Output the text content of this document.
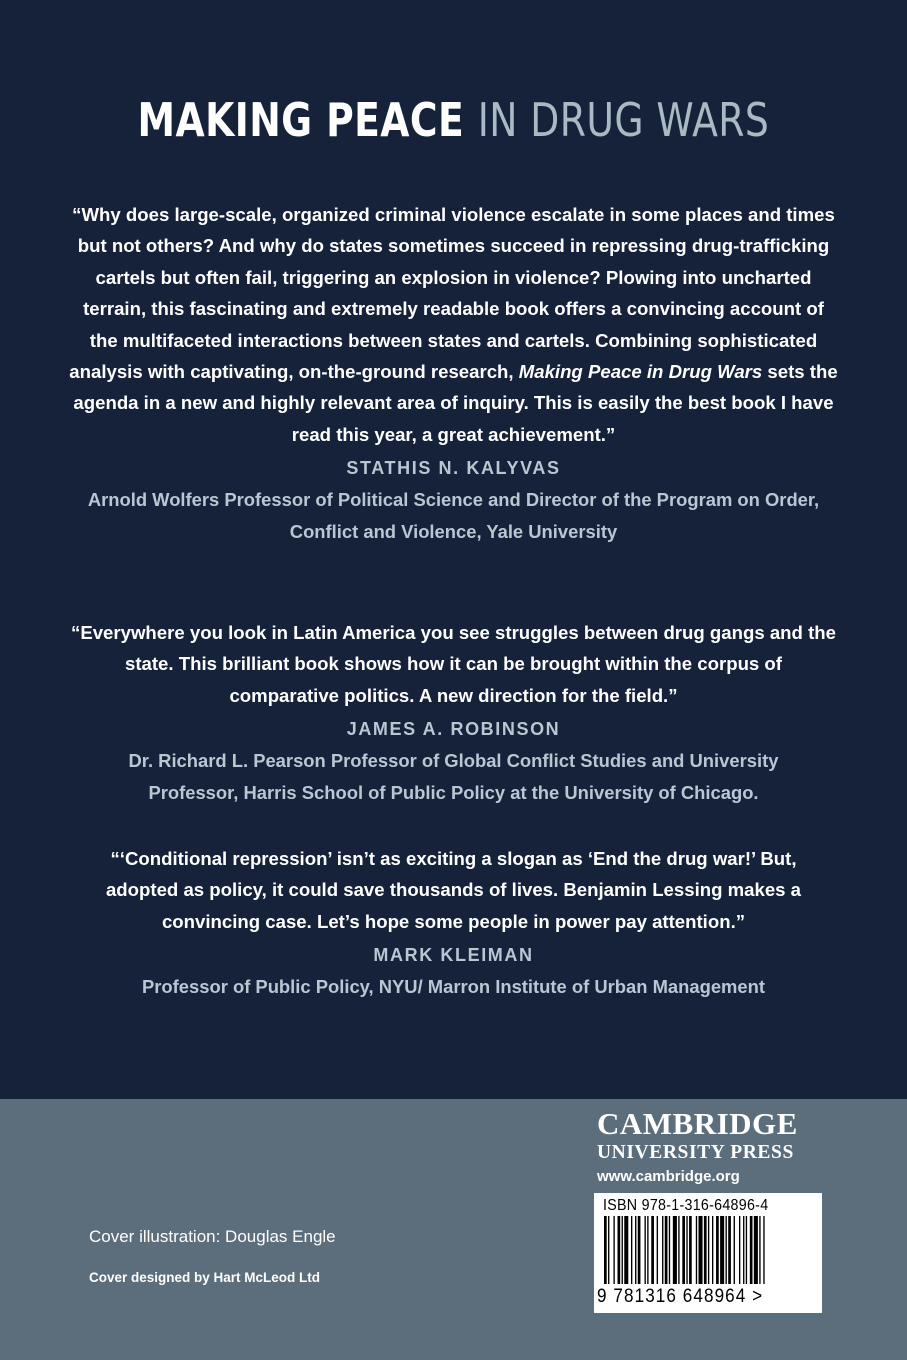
MAKING PEACE IN DRUG WARS

“Why does large-scale, organized criminal violence escalate in some places and times but not others? And why do states sometimes succeed in repressing drug-trafficking cartels but often fail, triggering an explosion in violence? Plowing into uncharted terrain, this fascinating and extremely readable book offers a convincing account of the multifaceted interactions between states and cartels. Combining sophisticated analysis with captivating, on-the-ground research, Making Peace in Drug Wars sets the agenda in a new and highly relevant area of inquiry. This is easily the best book I have read this year, a great achievement.”

STATHIS N. KALYVAS
Arnold Wolfers Professor of Political Science and Director of the Program on Order, Conflict and Violence, Yale University

“Everywhere you look in Latin America you see struggles between drug gangs and the state. This brilliant book shows how it can be brought within the corpus of comparative politics. A new direction for the field.”

JAMES A. ROBINSON
Dr. Richard L. Pearson Professor of Global Conflict Studies and University Professor, Harris School of Public Policy at the University of Chicago.

“‘Conditional repression’ isn’t as exciting a slogan as ‘End the drug war!’ But, adopted as policy, it could save thousands of lives. Benjamin Lessing makes a convincing case. Let’s hope some people in power pay attention.”

MARK KLEIMAN
Professor of Public Policy, NYU/ Marron Institute of Urban Management
Cover illustration: Douglas Engle
Cover designed by Hart McLeod Ltd
CAMBRIDGE
UNIVERSITY PRESS
www.cambridge.org
ISBN 978-1-316-64896-4
9 781316 648964 >
